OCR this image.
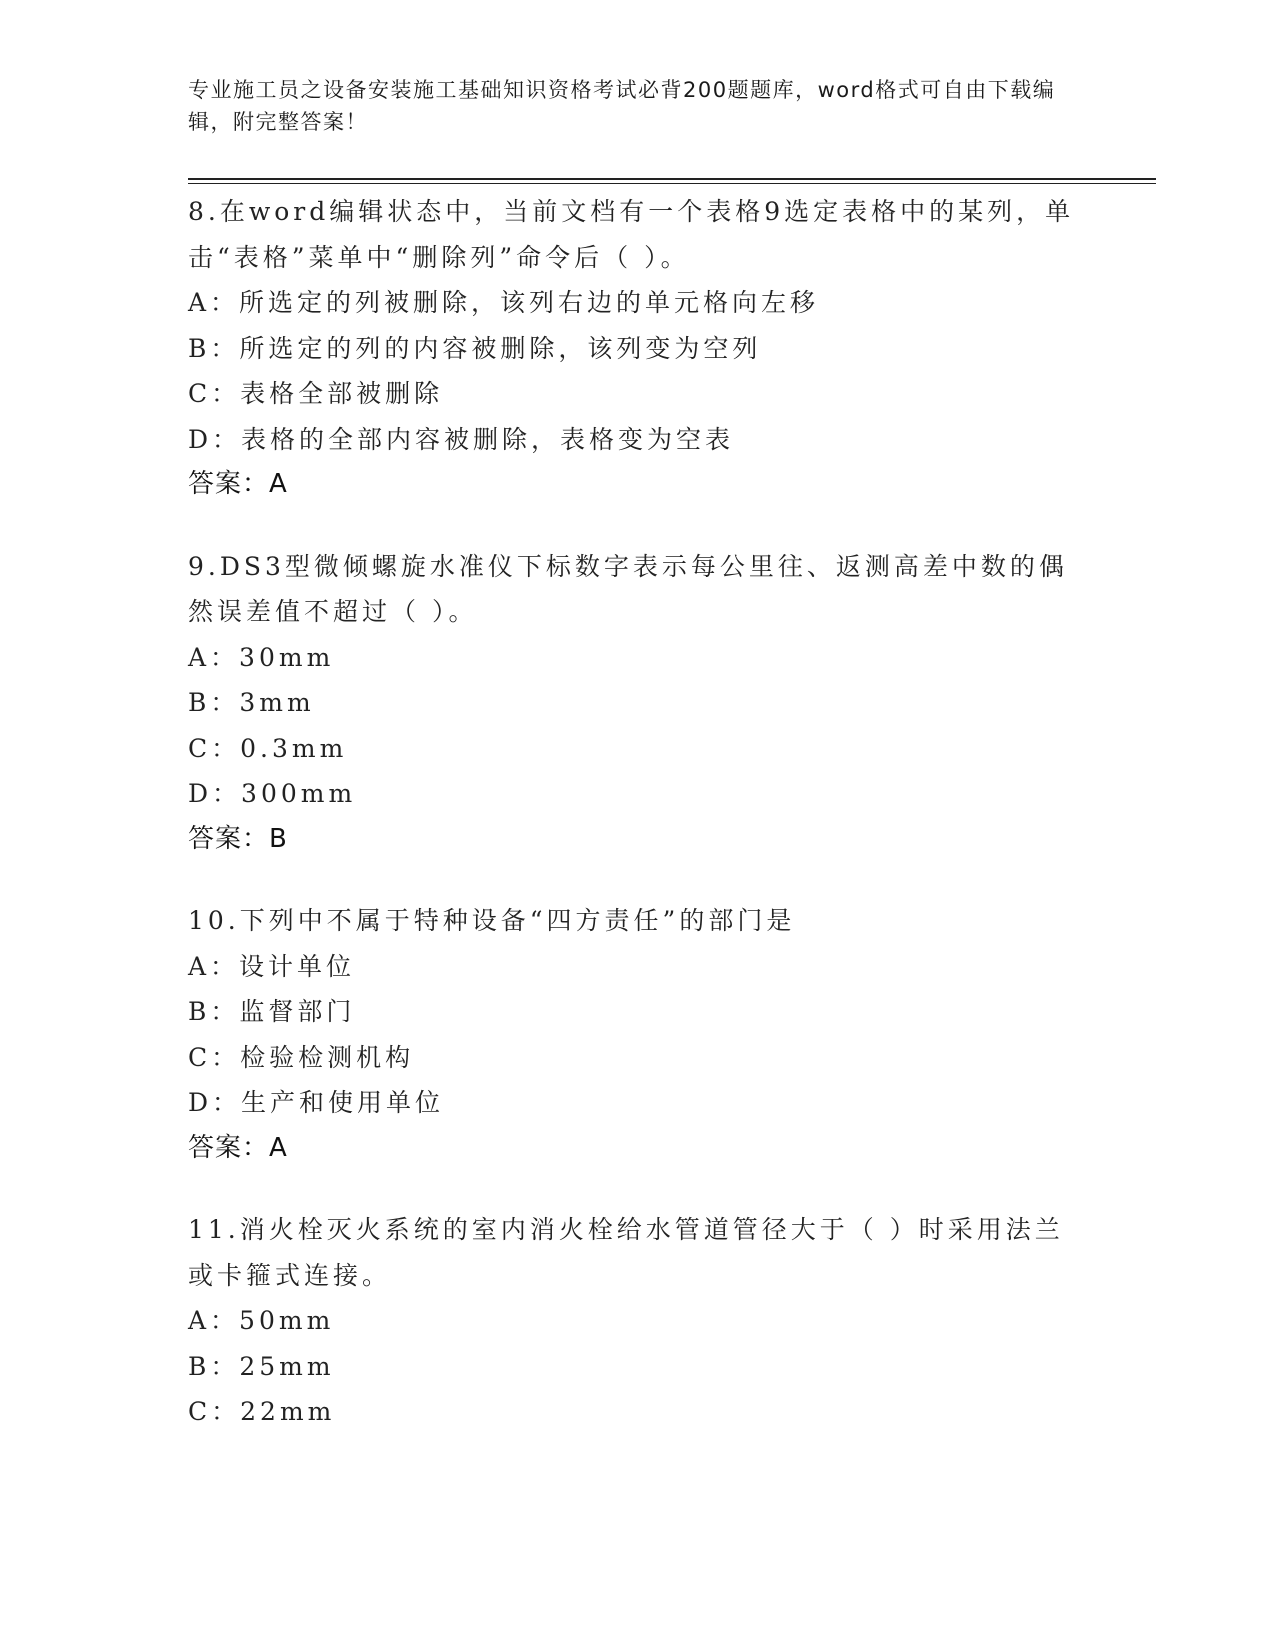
专业施工员之设备安装施工基础知识资格考试必背200题题库，word格式可自由下载编辑，附完整答案！
8.在word编辑状态中，当前文档有一个表格9选定表格中的某列，单击“表格”菜单中“删除列”命令后（ ）。
A：所选定的列被删除，该列右边的单元格向左移
B：所选定的列的内容被删除，该列变为空列
C：表格全部被删除
D：表格的全部内容被删除，表格变为空表
答案：A
9.DS3型微倾螺旋水准仪下标数字表示每公里往、返测高差中数的偶然误差值不超过（ ）。
A：30mm
B：3mm
C：0.3mm
D：300mm
答案：B
10.下列中不属于特种设备“四方责任”的部门是
A：设计单位
B：监督部门
C：检验检测机构
D：生产和使用单位
答案：A
11.消火栓灭火系统的室内消火栓给水管道管径大于（ ）时采用法兰或卡箍式连接。
A：50mm
B：25mm
C：22mm
